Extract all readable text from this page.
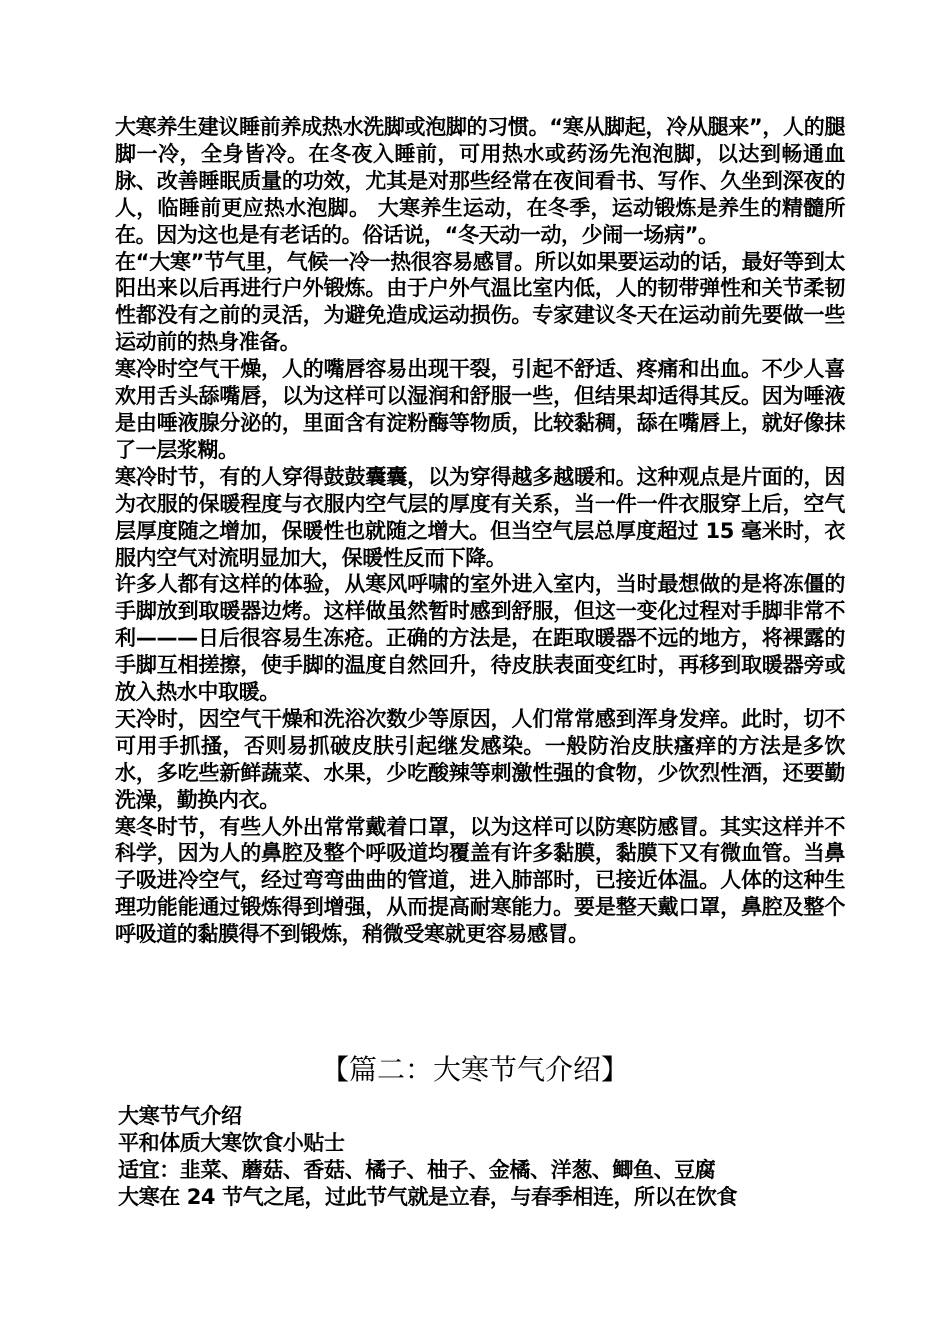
大寒养生建议睡前养成热水洗脚或泡脚的习惯。“寒从脚起，冷从腿来”，人的腿脚一冷，全身皆冷。在冬夜入睡前，可用热水或药汤先泡泡脚，以达到畅通血脉、改善睡眠质量的功效，尤其是对那些经常在夜间看书、写作、久坐到深夜的人，临睡前更应热水泡脚。 大寒养生运动，在冬季，运动锻炼是养生的精髓所在。因为这也是有老话的。俗话说，“冬天动一动，少闹一场病”。

在“大寒”节气里，气候一冷一热很容易感冒。所以如果要运动的话，最好等到太阳出来以后再进行户外锻炼。由于户外气温比室内低，人的韧带弹性和关节柔韧性都没有之前的灵活，为避免造成运动损伤。专家建议冬天在运动前先要做一些运动前的热身准备。

寒冷时空气干燥，人的嘴唇容易出现干裂，引起不舒适、疼痛和出血。不少人喜欢用舌头舔嘴唇，以为这样可以湿润和舒服一些，但结果却适得其反。因为唾液是由唾液腺分泌的，里面含有淀粉酶等物质，比较黏稠，舔在嘴唇上，就好像抹了一层浆糊。

寒冷时节，有的人穿得鼓鼓囊囊，以为穿得越多越暖和。这种观点是片面的，因为衣服的保暖程度与衣服内空气层的厚度有关系，当一件一件衣服穿上后，空气层厚度随之增加，保暖性也就随之增大。但当空气层总厚度超过 15 毫米时，衣服内空气对流明显加大，保暖性反而下降。

许多人都有这样的体验，从寒风呼啸的室外进入室内，当时最想做的是将冻僵的手脚放到取暖器边烤。这样做虽然暂时感到舒服，但这一变化过程对手脚非常不利———日后很容易生冻疮。正确的方法是，在距取暖器不远的地方，将裸露的手脚互相搓擦，使手脚的温度自然回升，待皮肤表面变红时，再移到取暖器旁或放入热水中取暖。

天冷时，因空气干燥和洗浴次数少等原因，人们常常感到浑身发痒。此时，切不可用手抓搔，否则易抓破皮肤引起继发感染。一般防治皮肤瘙痒的方法是多饮水，多吃些新鲜蔬菜、水果，少吃酸辣等刺激性强的食物，少饮烈性酒，还要勤洗澡，勤换内衣。

寒冬时节，有些人外出常常戴着口罩，以为这样可以防寒防感冒。其实这样并不科学，因为人的鼻腔及整个呼吸道均覆盖有许多黏膜，黏膜下又有微血管。当鼻子吸进冷空气，经过弯弯曲曲的管道，进入肺部时，已接近体温。人体的这种生理功能能通过锻炼得到增强，从而提高耐寒能力。要是整天戴口罩，鼻腔及整个呼吸道的黏膜得不到锻炼，稍微受寒就更容易感冒。

【篇二：大寒节气介绍】

大寒节气介绍

平和体质大寒饮食小贴士

适宜：韭菜、蘑菇、香菇、橘子、柚子、金橘、洋葱、鲫鱼、豆腐

大寒在 24 节气之尾，过此节气就是立春，与春季相连，所以在饮食
